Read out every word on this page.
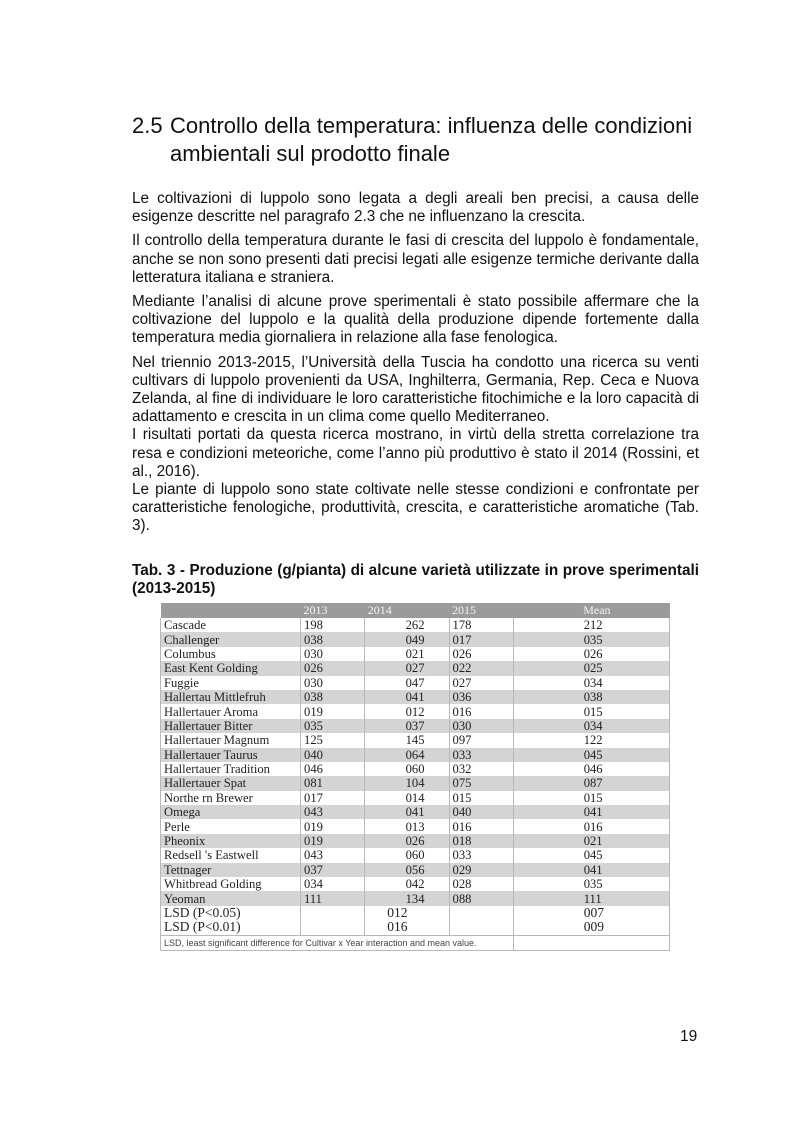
2.5 Controllo della temperatura: influenza delle condizioni
ambientali sul prodotto finale

Le coltivazioni di luppolo sono legata a degli areali ben precisi, a causa delle esigenze descritte nel paragrafo 2.3 che ne influenzano la crescita.

Il controllo della temperatura durante le fasi di crescita del luppolo è fondamentale, anche se non sono presenti dati precisi legati alle esigenze termiche derivante dalla letteratura italiana e straniera.

Mediante l’analisi di alcune prove sperimentali è stato possibile affermare che la coltivazione del luppolo e la qualità della produzione dipende fortemente dalla temperatura media giornaliera in relazione alla fase fenologica.

Nel triennio 2013-2015, l’Università della Tuscia ha condotto una ricerca su venti cultivars di luppolo provenienti da USA, Inghilterra, Germania, Rep. Ceca e Nuova Zelanda, al fine di individuare le loro caratteristiche fitochimiche e la loro capacità di adattamento e crescita in un clima come quello Mediterraneo.

I risultati portati da questa ricerca mostrano, in virtù della stretta correlazione tra resa e condizioni meteoriche, come l’anno più produttivo è stato il 2014 (Rossini, et al., 2016).

Le piante di luppolo sono state coltivate nelle stesse condizioni e confrontate per caratteristiche fenologiche, produttività, crescita, e caratteristiche aromatiche (Tab. 3).

Tab. 3 - Produzione (g/pianta) di alcune varietà utilizzate in prove sperimentali (2013-2015)
	2013	2014	2015	Mean
Cascade	198	262	178	212
Challenger	038	049	017	035
Columbus	030	021	026	026
East Kent Golding	026	027	022	025
Fuggie	030	047	027	034
Hallertau Mittlefruh	038	041	036	038
Hallertauer Aroma	019	012	016	015
Hallertauer Bitter	035	037	030	034
Hallertauer Magnum	125	145	097	122
Hallertauer Taurus	040	064	033	045
Hallertauer Tradition	046	060	032	046
Hallertauer Spat	081	104	075	087
Northe rn Brewer	017	014	015	015
Omega	043	041	040	041
Perle	019	013	016	016
Pheonix	019	026	018	021
Redsell 's Eastwell	043	060	033	045
Tettnager	037	056	029	041
Whitbread Golding	034	042	028	035
Yeoman	111	134	088	111
LSD (P<0.05)		012		007
LSD (P<0.01)		016		009
LSD, least significant difference for Cultivar x Year interaction and mean value.				
19
